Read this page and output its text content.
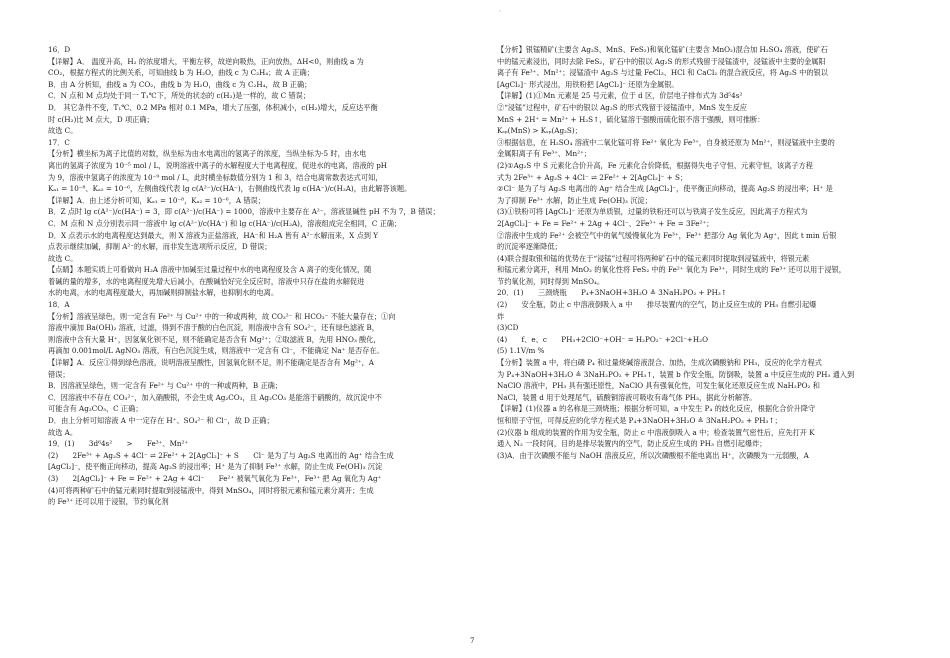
、
16．D
【详解】A． 温度升高，H₂ 的浓度增大，平衡左移，故逆向吸热，正向放热，ΔH<0，则曲线 a 为
CO₂，根据方程式的比例关系，可知曲线 b 为 H₂O，曲线 c 为 C₂H₄；故 A 正确；
B．由 A 分析知，曲线 a 为 CO₂，曲线 b 为 H₂O，曲线 c 为 C₂H₄，故 B 正确；
C．N 点和 M 点均处于同一 T₁℃下，所处的状态的 c(H₂)是一样的，故 C 错误；
D． 其它条件不变，T₁℃、0.2 MPa 相对 0.1 MPa，增大了压强，体积减小，c(H₂)增大，反应达平衡
时 c(H₂)比 M 点大，D 项正确；
故选 C。
17．C
【分析】横坐标为离子比值的对数，纵坐标为由水电离出的氢离子的浓度，当纵坐标为-5 时，由水电
离出的氢离子浓度为 10⁻⁵ mol / L，说明溶液中离子的水解程度大于电离程度，促进水的电离，溶液的 pH
为 9，溶液中氢离子的浓度为 10⁻⁹ mol / L，此时横坐标数值分别为 1 和 3，结合电离常数表达式可知，
Kₐ₁ = 10⁻⁸、Kₐ₂ = 10⁻⁶，左侧曲线代表 lg c(A²⁻)/c(HA⁻)，右侧曲线代表 lg c(HA⁻)/c(H₂A)，由此解答该题。
【详解】A．由上述分析可知，Kₐ₁ = 10⁻⁸，Kₐ₂ = 10⁻⁶，A 错误；
B．Z 点时 lg c(A²⁻)/c(HA⁻) = 3，即 c(A²⁻)/c(HA⁻) = 1000，溶液中主要存在 A²⁻，溶液显碱性 pH 不为 7，B 错误；
C．M 点和 N 点分别表示同一溶液中 lg c(A²⁻)/c(HA⁻) 和 lg c(HA⁻)/c(H₂A)，溶液组成完全相同，C 正确；
D．X 点表示水的电离程度达到最大，则 X 溶液为正盐溶液，HA⁻和 H₂A 皆有 A²⁻水解而来，X 点到 Y
点表示继续加碱，抑制 A²⁻的水解，而非发生选项所示反应，D 错误；
故选 C。
【点睛】本题实质上可看做向 H₂A 溶液中加碱至过量过程中水的电离程度及含 A 离子的变化情况，随
着碱的量的增多，水的电离程度先增大后减小，在酸碱恰好完全反应时，溶液中只存在盐的水解促进
水的电离，水的电离程度最大，再加碱则抑制盐水解，也抑制水的电离。
18．A
【分析】溶液呈绿色，则一定含有 Fe²⁺ 与 Cu²⁺ 中的一种或两种，故 CO₃²⁻ 和 HCO₃⁻ 不能大量存在；①向
溶液中滴加 Ba(OH)₂ 溶液，过滤，得到不溶于酸的白色沉淀，则溶液中含有 SO₄²⁻，还有绿色滤液 B，
则溶液中含有大量 H⁺，因氢氧化钡不足，则不能确定是否含有 Mg²⁺；②取滤液 B，先用 HNO₃ 酸化，
再滴加 0.001mol/L AgNO₃ 溶液，有白色沉淀生成，则溶液中一定含有 Cl⁻，不能确定 Na⁺ 是否存在。
【详解】A．反应①得到绿色溶液，说明溶液呈酸性，因氢氧化钡不足，则不能确定是否含有 Mg²⁺，A
错误；
B．因溶液呈绿色，则一定含有 Fe²⁺ 与 Cu²⁺ 中的一种或两种，B 正确；
C．因溶液中不存在 CO₃²⁻，加入硝酸银，不会生成 Ag₂CO₃，且 Ag₂CO₃ 是能溶于硝酸的，故沉淀中不
可能含有 Ag₂CO₃，C 正确；
D．由上分析可知溶液 A 中一定存在 H⁺、SO₄²⁻ 和 Cl⁻，故 D 正确；
故选 A。
19．(1)　　3d⁶4s²　　>　　Fe³⁺、Mn²⁺
(2)　　2Fe³⁺ + Ag₂S + 4Cl⁻ ⇌ 2Fe²⁺ + 2[AgCl₂]⁻ + S　　Cl⁻ 是为了与 Ag₂S 电离出的 Ag⁺ 结合生成
[AgCl₂]⁻，使平衡正向移动，提高 Ag₂S 的浸出率；H⁺ 是为了抑制 Fe³⁺ 水解，防止生成 Fe(OH)₃ 沉淀
(3)　　2[AgCl₂]⁻ + Fe = Fe²⁺ + 2Ag + 4Cl⁻　　Fe²⁺ 被氧气氧化为 Fe³⁺，Fe³⁺ 把 Ag 氧化为 Ag⁺
(4)可将两种矿石中的锰元素同时提取到浸锰液中，得到 MnSO₄，同时将银元素和锰元素分离开；生成
的 Fe³⁺ 还可以用于浸银，节约氧化剂
【分析】银锰精矿(主要含 Ag₂S、MnS、FeS₂)和氧化锰矿(主要含 MnO₂)混合加 H₂SO₄ 溶液，使矿石
中的锰元素浸出，同时去除 FeS₂，矿石中的银以 Ag₂S 的形式残留于浸锰渣中，浸锰液中主要的金属阳
离子有 Fe³⁺、Mn²⁺；浸锰渣中 Ag₂S 与过量 FeCl₃、HCl 和 CaCl₂ 的混合液反应，将 Ag₂S 中的银以
[AgCl₂]⁻ 形式浸出，用铁粉把 [AgCl₂]⁻ 还原为金属银。
【详解】(1)①Mn 元素是 25 号元素，位于 d 区，价层电子排布式为 3d⁵4s²
②“浸锰”过程中，矿石中的银以 Ag₂S 的形式残留于浸锰渣中，MnS 发生反应
MnS + 2H⁺ = Mn²⁺ + H₂S↑，硫化锰溶于强酸而硫化银不溶于强酸，则可推断：
Kₛₚ(MnS) > Kₛₚ(Ag₂S)；
③根据信息，在 H₂SO₄ 溶液中二氧化锰可将 Fe²⁺ 氧化为 Fe³⁺，自身被还原为 Mn²⁺，则浸锰液中主要的
金属阳离子有 Fe³⁺、Mn²⁺；
(2)①Ag₂S 中 S 元素化合价升高，Fe 元素化合价降低，根据得失电子守恒、元素守恒，该离子方程
式为 2Fe³⁺ + Ag₂S + 4Cl⁻ ⇌ 2Fe²⁺ + 2[AgCl₂]⁻ + S；
②Cl⁻ 是为了与 Ag₂S 电离出的 Ag⁺ 结合生成 [AgCl₂]⁻，使平衡正向移动，提高 Ag₂S 的浸出率；H⁺ 是
为了抑制 Fe³⁺ 水解，防止生成 Fe(OH)₃ 沉淀；
(3)①铁粉可将 [AgCl₂]⁻ 还原为单质银，过量的铁粉还可以与铁离子发生反应，因此离子方程式为
2[AgCl₂]⁻ + Fe = Fe²⁺ + 2Ag + 4Cl⁻、2Fe³⁺ + Fe = 3Fe²⁺；
②溶液中生成的 Fe²⁺ 会被空气中的氧气缓慢氧化为 Fe³⁺，Fe³⁺ 把部分 Ag 氧化为 Ag⁺，因此 t min 后银
的沉淀率逐渐降低；
(4)联合提取银和锰的优势在于“浸锰”过程可将两种矿石中的锰元素同时提取到浸锰液中，将银元素
和锰元素分离开，利用 MnO₂ 的氧化性将 FeS₂ 中的 Fe²⁺ 氧化为 Fe³⁺，同时生成的 Fe³⁺ 还可以用于浸银，
节约氧化剂，同时得到 MnSO₄。
20．(1)　　三颈烧瓶　　P₄+3NaOH+3H₂O ≜ 3NaH₂PO₂ + PH₃↑
(2)　　安全瓶，防止 c 中溶液倒吸入 a 中　　排尽装置内的空气，防止反应生成的 PH₃ 自燃引起爆
炸
(3)CD
(4)　　f、e、c　　PH₃+2ClO⁻+OH⁻ = H₂PO₂⁻ +2Cl⁻+H₂O
(5) 1.1V/m %
【分析】装置 a 中，将白磷 P₄ 和过量烧碱溶液混合、加热，生成次磷酸钠和 PH₃，反应的化学方程式
为 P₄+3NaOH+3H₂O ≜ 3NaH₂PO₂ + PH₃↑，装置 b 作安全瓶，防倒吸，装置 a 中反应生成的 PH₃ 通入到
NaClO 溶液中，PH₃ 具有强还原性，NaClO 具有强氧化性，可发生氧化还原反应生成 NaH₂PO₂ 和
NaCl，装置 d 用于处理尾气，硫酸铜溶液可吸收有毒气体 PH₃，据此分析解答。
【详解】(1)仪器 a 的名称是三颈烧瓶；根据分析可知，a 中发生 P₄ 的歧化反应，根据化合价升降守
恒和原子守恒，可得反应的化学方程式是 P₄+3NaOH+3H₂O ≜ 3NaH₂PO₂ + PH₃↑；
(2)仪器 b 组成的装置的作用为安全瓶，防止 c 中溶液倒吸入 a 中；检查装置气密性后，应先打开 K
通入 N₂ 一段时间，目的是排尽装置内的空气，防止反应生成的 PH₃ 自燃引起爆炸；
(3)A．由于次磷酸不能与 NaOH 溶液反应，所以次磷酸根不能电离出 H⁺，次磷酸为一元弱酸，A
7
